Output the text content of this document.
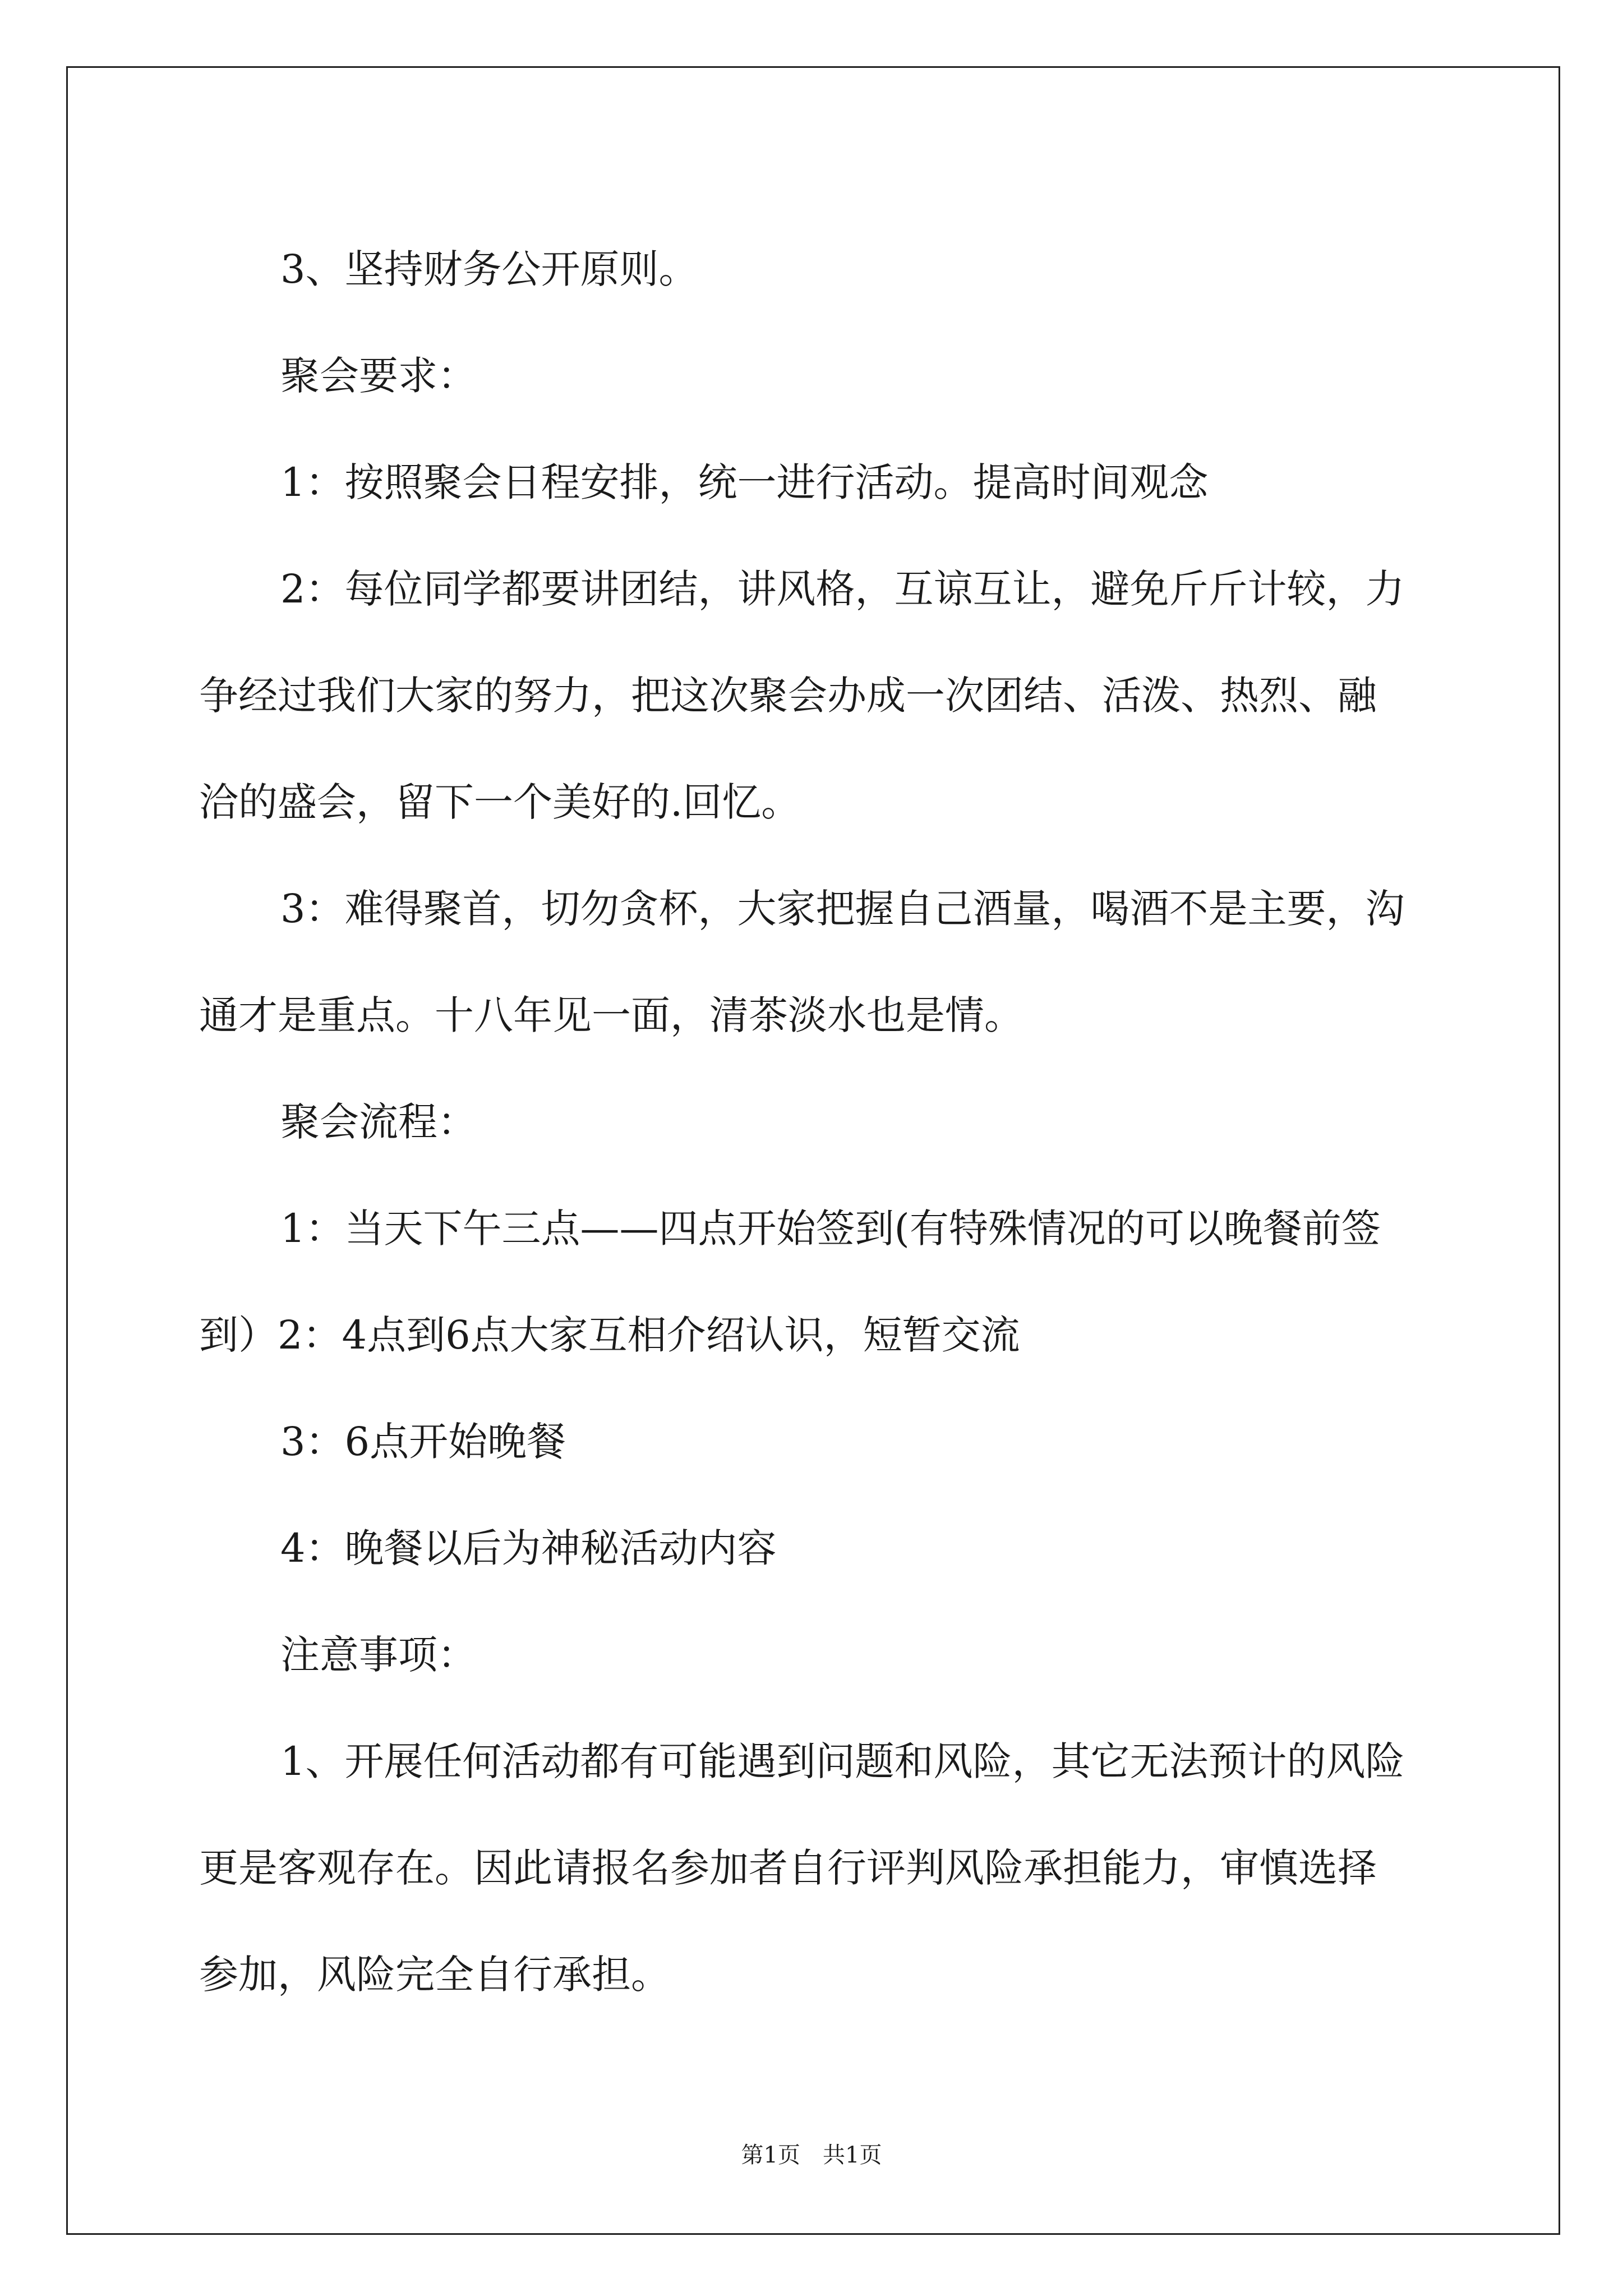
3、坚持财务公开原则。

聚会要求：

1：按照聚会日程安排，统一进行活动。提高时间观念

2：每位同学都要讲团结，讲风格，互谅互让，避免斤斤计较，力
争经过我们大家的努力，把这次聚会办成一次团结、活泼、热烈、融
洽的盛会，留下一个美好的.回忆。

3：难得聚首，切勿贪杯，大家把握自己酒量，喝酒不是主要，沟
通才是重点。十八年见一面，清茶淡水也是情。

聚会流程：

1：当天下午三点——四点开始签到(有特殊情况的可以晚餐前签
到）2：4点到6点大家互相介绍认识，短暂交流

3：6点开始晚餐

4：晚餐以后为神秘活动内容

注意事项：

1、开展任何活动都有可能遇到问题和风险，其它无法预计的风险
更是客观存在。因此请报名参加者自行评判风险承担能力，审慎选择
参加，风险完全自行承担。

第1页　共1页
